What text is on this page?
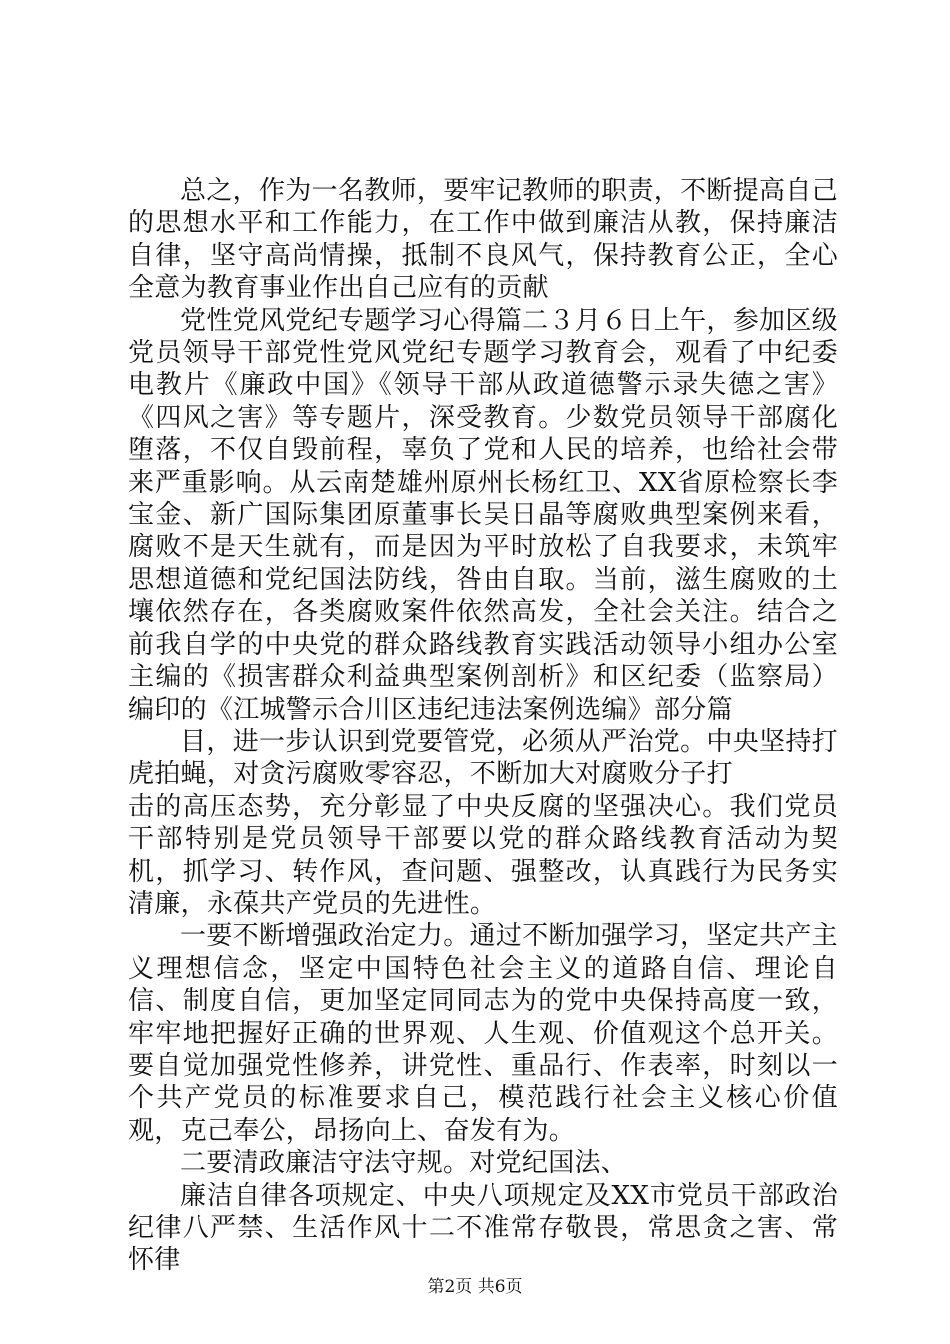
总之，作为一名教师，要牢记教师的职责，不断提高自己的思想水平和工作能力，在工作中做到廉洁从教，保持廉洁自律，坚守高尚情操，抵制不良风气，保持教育公正，全心全意为教育事业作出自己应有的贡献

党性党风党纪专题学习心得篇二３月６日上午，参加区级党员领导干部党性党风党纪专题学习教育会，观看了中纪委电教片《廉政中国》《领导干部从政道德警示录失德之害》《四风之害》等专题片，深受教育。少数党员领导干部腐化堕落，不仅自毁前程，辜负了党和人民的培养，也给社会带来严重影响。从云南楚雄州原州长杨红卫、XX省原检察长李宝金、新广国际集团原董事长吴日晶等腐败典型案例来看，腐败不是天生就有，而是因为平时放松了自我要求，未筑牢思想道德和党纪国法防线，咎由自取。当前，滋生腐败的土壤依然存在，各类腐败案件依然高发，全社会关注。结合之前我自学的中央党的群众路线教育实践活动领导小组办公室主编的《损害群众利益典型案例剖析》和区纪委（监察局）编印的《江城警示合川区违纪违法案例选编》部分篇

目，进一步认识到党要管党，必须从严治党。中央坚持打虎拍蝇，对贪污腐败零容忍，不断加大对腐败分子打

击的高压态势，充分彰显了中央反腐的坚强决心。我们党员干部特别是党员领导干部要以党的群众路线教育活动为契机，抓学习、转作风，查问题、强整改，认真践行为民务实清廉，永葆共产党员的先进性。

一要不断增强政治定力。通过不断加强学习，坚定共产主义理想信念，坚定中国特色社会主义的道路自信、理论自信、制度自信，更加坚定同同志为的党中央保持高度一致，牢牢地把握好正确的世界观、人生观、价值观这个总开关。要自觉加强党性修养，讲党性、重品行、作表率，时刻以一个共产党员的标准要求自己，模范践行社会主义核心价值观，克己奉公，昂扬向上、奋发有为。

二要清政廉洁守法守规。对党纪国法、

廉洁自律各项规定、中央八项规定及XX市党员干部政治纪律八严禁、生活作风十二不准常存敬畏，常思贪之害、常怀律

第2页 共6页
